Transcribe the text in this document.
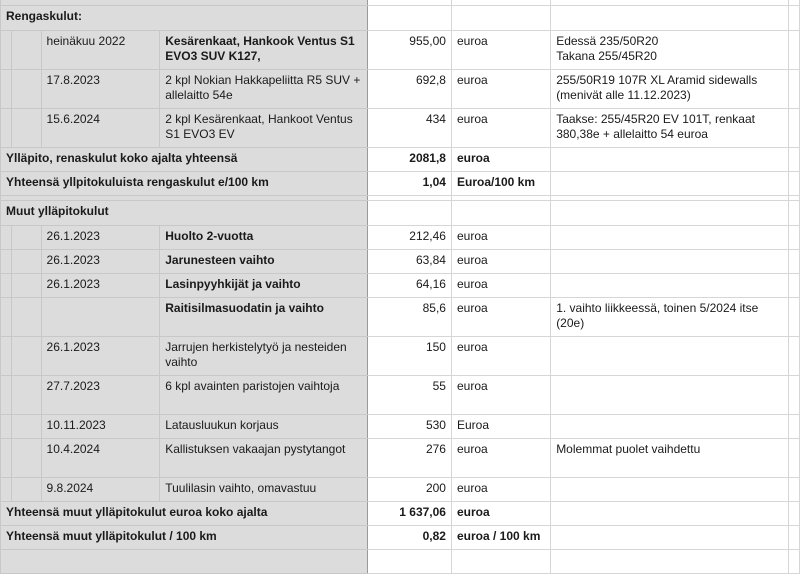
Rengaskulut:							
		heinäkuu 2022	Kesärenkaat, Hankook Ventus S1 EVO3 SUV K127,	955,00	euroa	Edessä 235/50R20
Takana 255/45R20	
		17.8.2023	2 kpl Nokian Hakkapeliitta R5 SUV + allelaitto 54e	692,8	euroa	255/50R19 107R XL Aramid sidewalls (menivät alle 11.12.2023)	
		15.6.2024	2 kpl Kesärenkaat, Hankoot Ventus S1 EVO3 EV	434	euroa	Taakse: 255/45R20 EV 101T, renkaat 380,38e + allelaitto 54 euroa	
Ylläpito, renaskulut koko ajalta yhteensä				2081,8	euroa		
Yhteensä yllpitokuluista rengaskulut e/100 km				1,04	Euroa/100 km		

Muut ylläpitokulut							
		26.1.2023	Huolto 2-vuotta	212,46	euroa		
		26.1.2023	Jarunesteen vaihto	63,84	euroa		
		26.1.2023	Lasinpyyhkijät ja vaihto	64,16	euroa		
			Raitisilmasuodatin ja vaihto	85,6	euroa	1. vaihto liikkeessä, toinen 5/2024 itse (20e)	
		26.1.2023	Jarrujen herkistelytyö ja nesteiden vaihto	150	euroa		
		27.7.2023	6 kpl avainten paristojen vaihtoja	55	euroa		
		10.11.2023	Latausluukun korjaus	530	Euroa		
		10.4.2024	Kallistuksen vakaajan pystytangot	276	euroa	Molemmat puolet vaihdettu	
		9.8.2024	Tuulilasin vaihto, omavastuu	200	euroa		
Yhteensä muut ylläpitokulut euroa koko ajalta				1 637,06	euroa		
Yhteensä muut ylläpitokulut / 100 km				0,82	euroa / 100 km		
